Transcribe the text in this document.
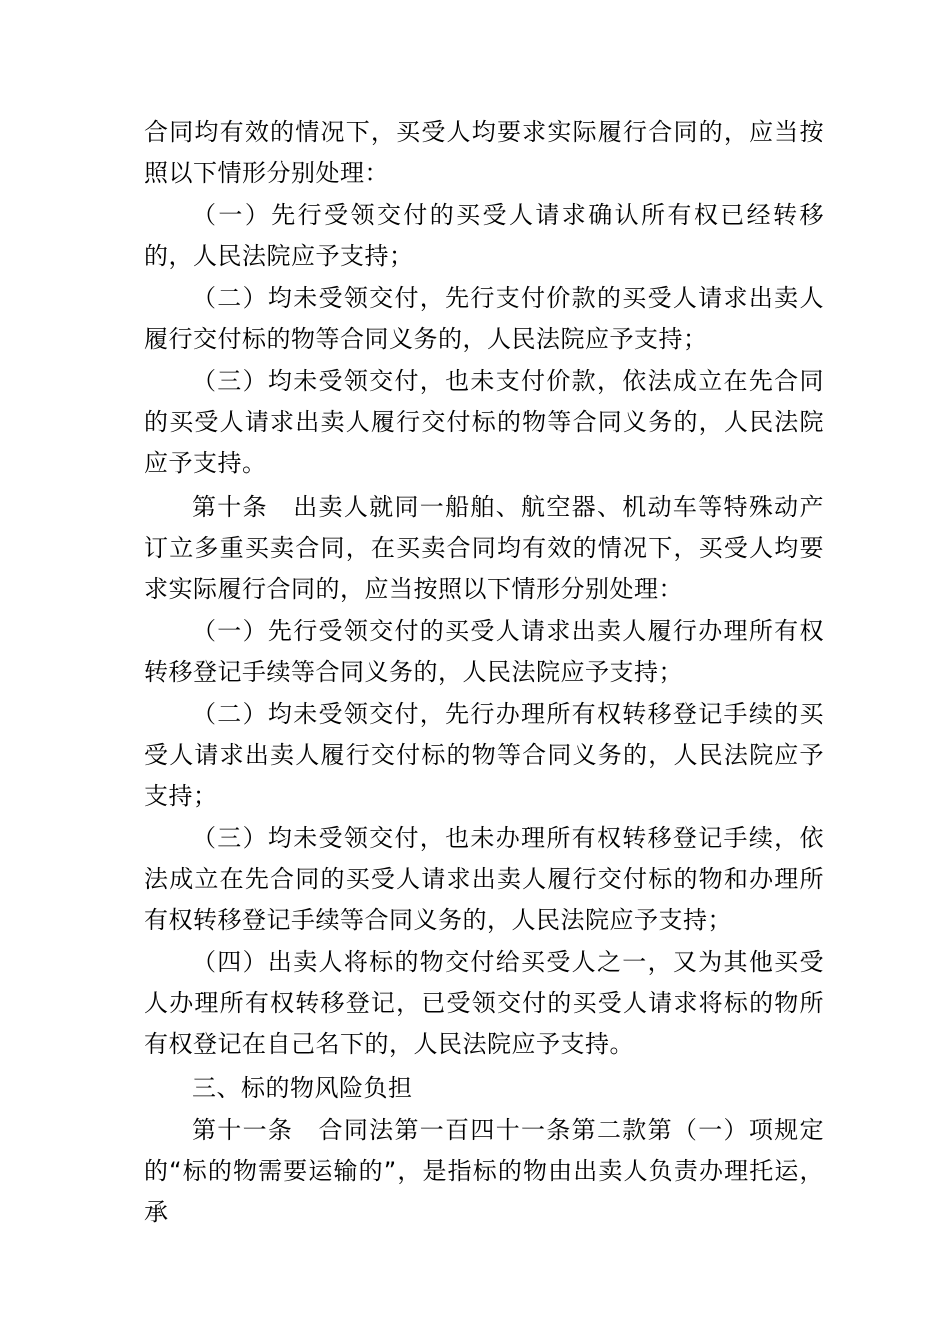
合同均有效的情况下，买受人均要求实际履行合同的，应当按照以下情形分别处理：

（一）先行受领交付的买受人请求确认所有权已经转移的，人民法院应予支持；

（二）均未受领交付，先行支付价款的买受人请求出卖人履行交付标的物等合同义务的，人民法院应予支持；

（三）均未受领交付，也未支付价款，依法成立在先合同的买受人请求出卖人履行交付标的物等合同义务的，人民法院应予支持。

第十条　出卖人就同一船舶、航空器、机动车等特殊动产订立多重买卖合同，在买卖合同均有效的情况下，买受人均要求实际履行合同的，应当按照以下情形分别处理：

（一）先行受领交付的买受人请求出卖人履行办理所有权转移登记手续等合同义务的，人民法院应予支持；

（二）均未受领交付，先行办理所有权转移登记手续的买受人请求出卖人履行交付标的物等合同义务的，人民法院应予支持；

（三）均未受领交付，也未办理所有权转移登记手续，依法成立在先合同的买受人请求出卖人履行交付标的物和办理所有权转移登记手续等合同义务的，人民法院应予支持；

（四）出卖人将标的物交付给买受人之一，又为其他买受人办理所有权转移登记，已受领交付的买受人请求将标的物所有权登记在自己名下的，人民法院应予支持。

三、标的物风险负担

第十一条　合同法第一百四十一条第二款第（一）项规定的“标的物需要运输的”，是指标的物由出卖人负责办理托运，承
